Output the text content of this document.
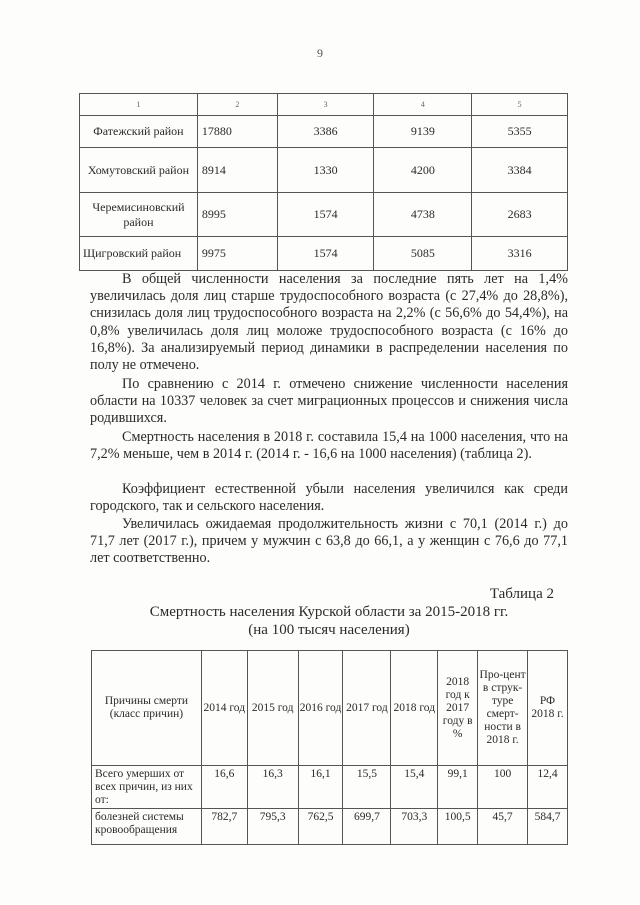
9
1	2	3	4	5
Фатежский район	17880	3386	9139	5355
Хомутовский район	8914	1330	4200	3384
Черемисиновский район	8995	1574	4738	2683
Щигровский район	9975	1574	5085	3316

В общей численности населения за последние пять лет на 1,4% увеличилась доля лиц старше трудоспособного возраста (с 27,4% до 28,8%), снизилась доля лиц трудоспособного возраста на 2,2% (с 56,6% до 54,4%), на 0,8% увеличилась доля лиц моложе трудоспособного возраста (с 16% до 16,8%). За анализируемый период динамики в распределении населения по полу не отмечено.

По сравнению с 2014 г. отмечено снижение численности населения области на 10337 человек за счет миграционных процессов и снижения числа родившихся.

Смертность населения в 2018 г. составила 15,4 на 1000 населения, что на 7,2% меньше, чем в 2014 г. (2014 г. - 16,6 на 1000 населения) (таблица 2).

Коэффициент естественной убыли населения увеличился как среди городского, так и сельского населения.

Увеличилась ожидаемая продолжительность жизни с 70,1 (2014 г.) до 71,7 лет (2017 г.), причем у мужчин с 63,8 до 66,1, а у женщин с 76,6 до 77,1 лет соответственно.

Таблица 2
Смертность населения Курской области за 2015-2018 гг.
(на 100 тысяч населения)
Причины смерти (класс причин)	2014 год	2015 год	2016 год	2017 год	2018 год	2018 год к 2017 году в %	Про-цент в струк-туре смерт-ности в 2018 г.	РФ 2018 г.
Всего умерших от всех причин, из них от:	16,6	16,3	16,1	15,5	15,4	99,1	100	12,4
болезней системы кровообращения	782,7	795,3	762,5	699,7	703,3	100,5	45,7	584,7
